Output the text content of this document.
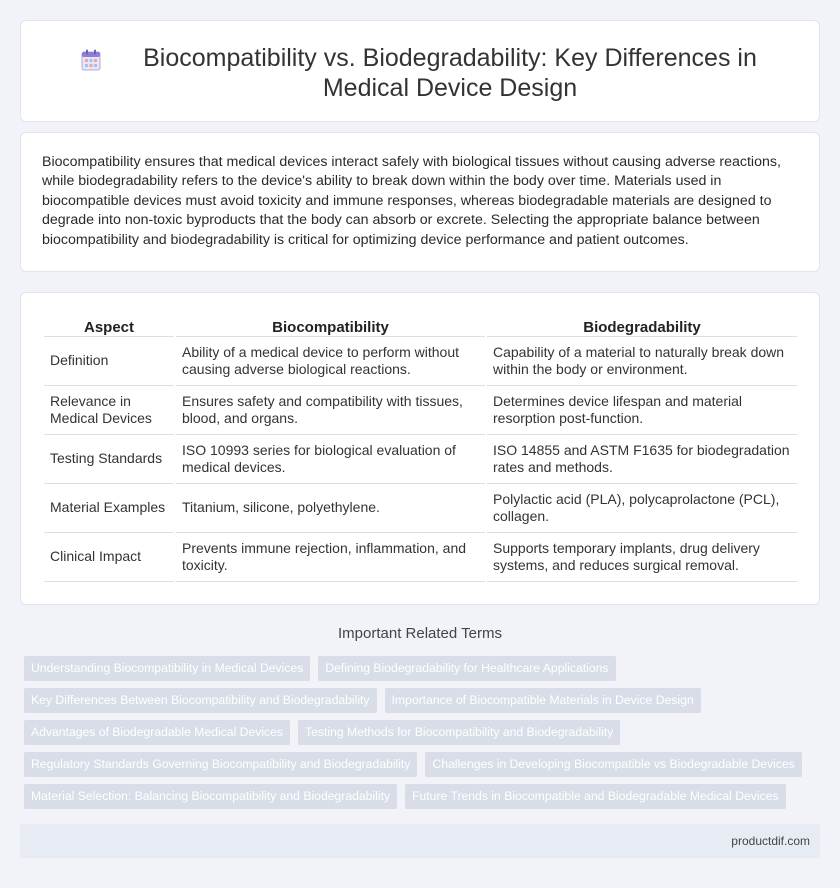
Biocompatibility vs. Biodegradability: Key Differences in Medical Device Design

Biocompatibility ensures that medical devices interact safely with biological tissues without causing adverse reactions, while biodegradability refers to the device's ability to break down within the body over time. Materials used in biocompatible devices must avoid toxicity and immune responses, whereas biodegradable materials are designed to degrade into non-toxic byproducts that the body can absorb or excrete. Selecting the appropriate balance between biocompatibility and biodegradability is critical for optimizing device performance and patient outcomes.

Aspect	Biocompatibility	Biodegradability
Definition	Ability of a medical device to perform without causing adverse biological reactions.	Capability of a material to naturally break down within the body or environment.
Relevance in Medical Devices	Ensures safety and compatibility with tissues, blood, and organs.	Determines device lifespan and material resorption post-function.
Testing Standards	ISO 10993 series for biological evaluation of medical devices.	ISO 14855 and ASTM F1635 for biodegradation rates and methods.
Material Examples	Titanium, silicone, polyethylene.	Polylactic acid (PLA), polycaprolactone (PCL), collagen.
Clinical Impact	Prevents immune rejection, inflammation, and toxicity.	Supports temporary implants, drug delivery systems, and reduces surgical removal.
Important Related Terms
Understanding Biocompatibility in Medical Devices	Defining Biodegradability for Healthcare Applications
Key Differences Between Biocompatibility and Biodegradability	Importance of Biocompatible Materials in Device Design
Advantages of Biodegradable Medical Devices	Testing Methods for Biocompatibility and Biodegradability
Regulatory Standards Governing Biocompatibility and Biodegradability	Challenges in Developing Biocompatible vs Biodegradable Devices
Material Selection: Balancing Biocompatibility and Biodegradability	Future Trends in Biocompatible and Biodegradable Medical Devices
productdif.com
